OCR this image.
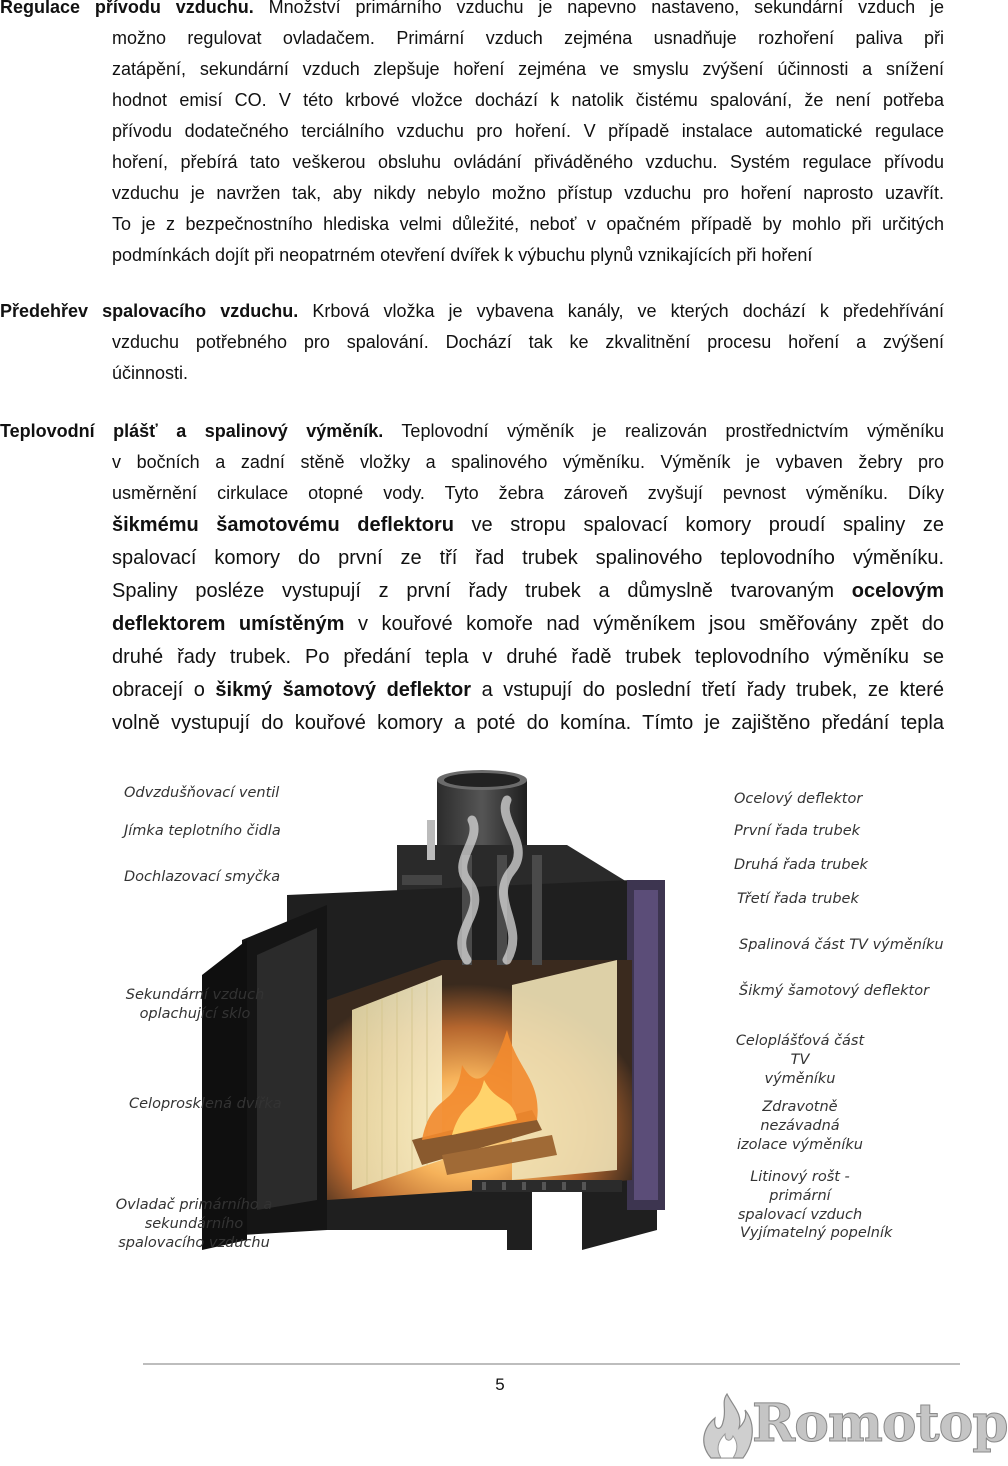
Regulace přívodu vzduchu. Množství primárního vzduchu je napevno nastaveno, sekundární vzduch je
možno regulovat ovladačem. Primární vzduch zejména usnadňuje rozhoření paliva při
zatápění, sekundární vzduch zlepšuje hoření zejména ve smyslu zvýšení účinnosti a snížení
hodnot emisí CO. V této krbové vložce dochází k natolik čistému spalování, že není potřeba
přívodu dodatečného terciálního vzduchu pro hoření. V případě instalace automatické regulace
hoření, přebírá tato veškerou obsluhu ovládání přiváděného vzduchu. Systém regulace přívodu
vzduchu je navržen tak, aby nikdy nebylo možno přístup vzduchu pro hoření naprosto uzavřít.
To je z bezpečnostního hlediska velmi důležité, neboť v opačném případě by mohlo při určitých
podmínkách dojít při neopatrném otevření dvířek k výbuchu plynů vznikajících při hoření
Předehřev spalovacího vzduchu. Krbová vložka je vybavena kanály, ve kterých dochází k předehřívání
vzduchu potřebného pro spalování. Dochází tak ke zkvalitnění procesu hoření a zvýšení
účinnosti.
Teplovodní plášť a spalinový výměník. Teplovodní výměník je realizován prostřednictvím výměníku
v bočních a zadní stěně vložky a spalinového výměníku. Výměník je vybaven žebry pro
usměrnění cirkulace otopné vody. Tyto žebra zároveň zvyšují pevnost výměníku. Díky
šikmému šamotovému deflektoru ve stropu spalovací komory proudí spaliny ze
spalovací komory do první ze tří řad trubek spalinového teplovodního výměníku.
Spaliny posléze vystupují z první řady trubek a důmyslně tvarovaným ocelovým
deflektorem umístěným v kouřové komoře nad výměníkem jsou směřovány zpět do
druhé řady trubek. Po předání tepla v druhé řadě trubek teplovodního výměníku se
obracejí o šikmý šamotový deflektor a vstupují do poslední třetí řady trubek, ze které
volně vystupují do kouřové komory a poté do komína. Tímto je zajištěno předání tepla
Odvzdušňovací ventil
Jímka teplotního čidla
Dochlazovací smyčka
Sekundární vzduch
oplachující sklo
Celoprosklená dvířka
Ovladač primárního a
sekundárního
spalovacího vzduchu
Ocelový deflektor
První řada trubek
Druhá řada trubek
Třetí řada trubek
Spalinová část TV výměníku
Šikmý šamotový deflektor
Celoplášťová část TV
výměníku
Zdravotně nezávadná
izolace výměníku
Litinový rošt - primární
spalovací vzduch
Vyjímatelný popelník
5
Romotop
